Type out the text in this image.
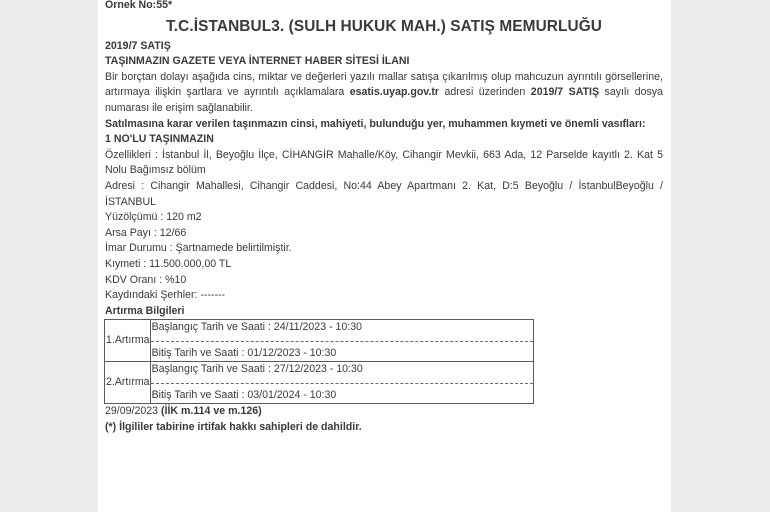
Örnek No:55*
T.C.İSTANBUL3. (SULH HUKUK MAH.) SATIŞ MEMURLUĞU
2019/7 SATIŞ
TAŞINMAZIN GAZETE VEYA İNTERNET HABER SİTESİ İLANI
Bir borçtan dolayı aşağıda cins, miktar ve değerleri yazılı mallar satışa çıkarılmış olup mahcuzun ayrıntılı görsellerine, artırmaya ilişkin şartlara ve ayrıntılı açıklamalara esatis.uyap.gov.tr adresi üzerinden 2019/7 SATIŞ sayılı dosya numarası ile erişim sağlanabilir.
Satılmasına karar verilen taşınmazın cinsi, mahiyeti, bulunduğu yer, muhammen kıymeti ve önemli vasıfları:
1 NO'LU TAŞINMAZIN
Özellikleri : İstanbul İl, Beyoğlu İlçe, CİHANGİR Mahalle/Köy, Cihangir Mevkii, 663 Ada, 12 Parselde kayıtlı 2. Kat 5 Nolu Bağımsız bölüm
Adresi : Cihangir Mahallesi, Cihangir Caddesi, No:44 Abey Apartmanı 2. Kat, D:5 Beyoğlu / İstanbulBeyoğlu /
İSTANBUL
Yüzölçümü : 120 m2
Arsa Payı : 12/66
İmar Durumu : Şartnamede belirtilmiştir.
Kıymeti : 11.500.000,00 TL
KDV Oranı : %10
Kaydındaki Şerhler: -------
Artırma Bilgileri
1.Artırma	Başlangıç Tarih ve Saati : 24/11/2023 - 10:30
Bitiş Tarih ve Saati : 01/12/2023 - 10:30

2.Artırma	Başlangıç Tarih ve Saati : 27/12/2023 - 10:30
Bitiş Tarih ve Saati : 03/01/2024 - 10:30
29/09/2023 (İİK m.114 ve m.126)
(*) İlgililer tabirine irtifak hakkı sahipleri de dahildir.
